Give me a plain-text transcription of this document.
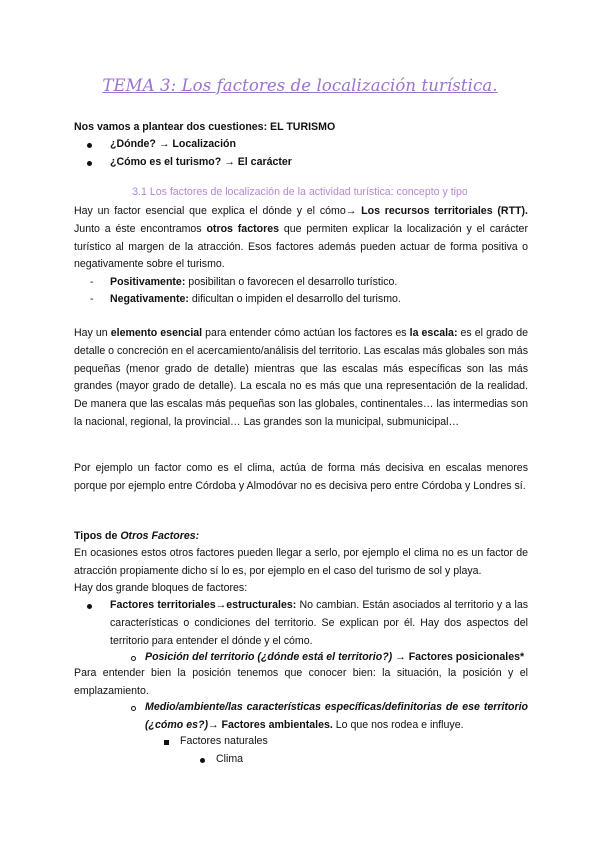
TEMA 3: Los factores de localización turística.
Nos vamos a plantear dos cuestiones: EL TURISMO
¿Dónde? → Localización
¿Cómo es el turismo? → El carácter
3.1 Los factores de localización de la actividad turística: concepto y tipo
Hay un factor esencial que explica el dónde y el cómo→ Los recursos territoriales (RTT). Junto a éste encontramos otros factores que permiten explicar la localización y el carácter turístico al margen de la atracción. Esos factores además pueden actuar de forma positiva o negativamente sobre el turismo.
- Positivamente: posibilitan o favorecen el desarrollo turístico.
- Negativamente: dificultan o impiden el desarrollo del turismo.
Hay un elemento esencial para entender cómo actúan los factores es la escala: es el grado de detalle o concreción en el acercamiento/análisis del territorio. Las escalas más globales son más pequeñas (menor grado de detalle) mientras que las escalas más específicas son las más grandes (mayor grado de detalle). La escala no es más que una representación de la realidad. De manera que las escalas más pequeñas son las globales, continentales… las intermedias son la nacional, regional, la provincial… Las grandes son la municipal, submunicipal…
Por ejemplo un factor como es el clima, actúa de forma más decisiva en escalas menores porque por ejemplo entre Córdoba y Almodóvar no es decisiva pero entre Córdoba y Londres sí.
Tipos de Otros Factores:
En ocasiones estos otros factores pueden llegar a serlo, por ejemplo el clima no es un factor de atracción propiamente dicho sí lo es, por ejemplo en el caso del turismo de sol y playa.
Hay dos grande bloques de factores:
Factores territoriales→estructurales: No cambian. Están asociados al territorio y a las características o condiciones del territorio. Se explican por él. Hay dos aspectos del territorio para entender el dónde y el cómo.
Posición del territorio (¿dónde está el territorio?) → Factores posicionales*
Para entender bien la posición tenemos que conocer bien: la situación, la posición y el emplazamiento.
Medio/ambiente/las características específicas/definitorias de ese territorio (¿cómo es?)→ Factores ambientales. Lo que nos rodea e influye.
Factores naturales
Clima
